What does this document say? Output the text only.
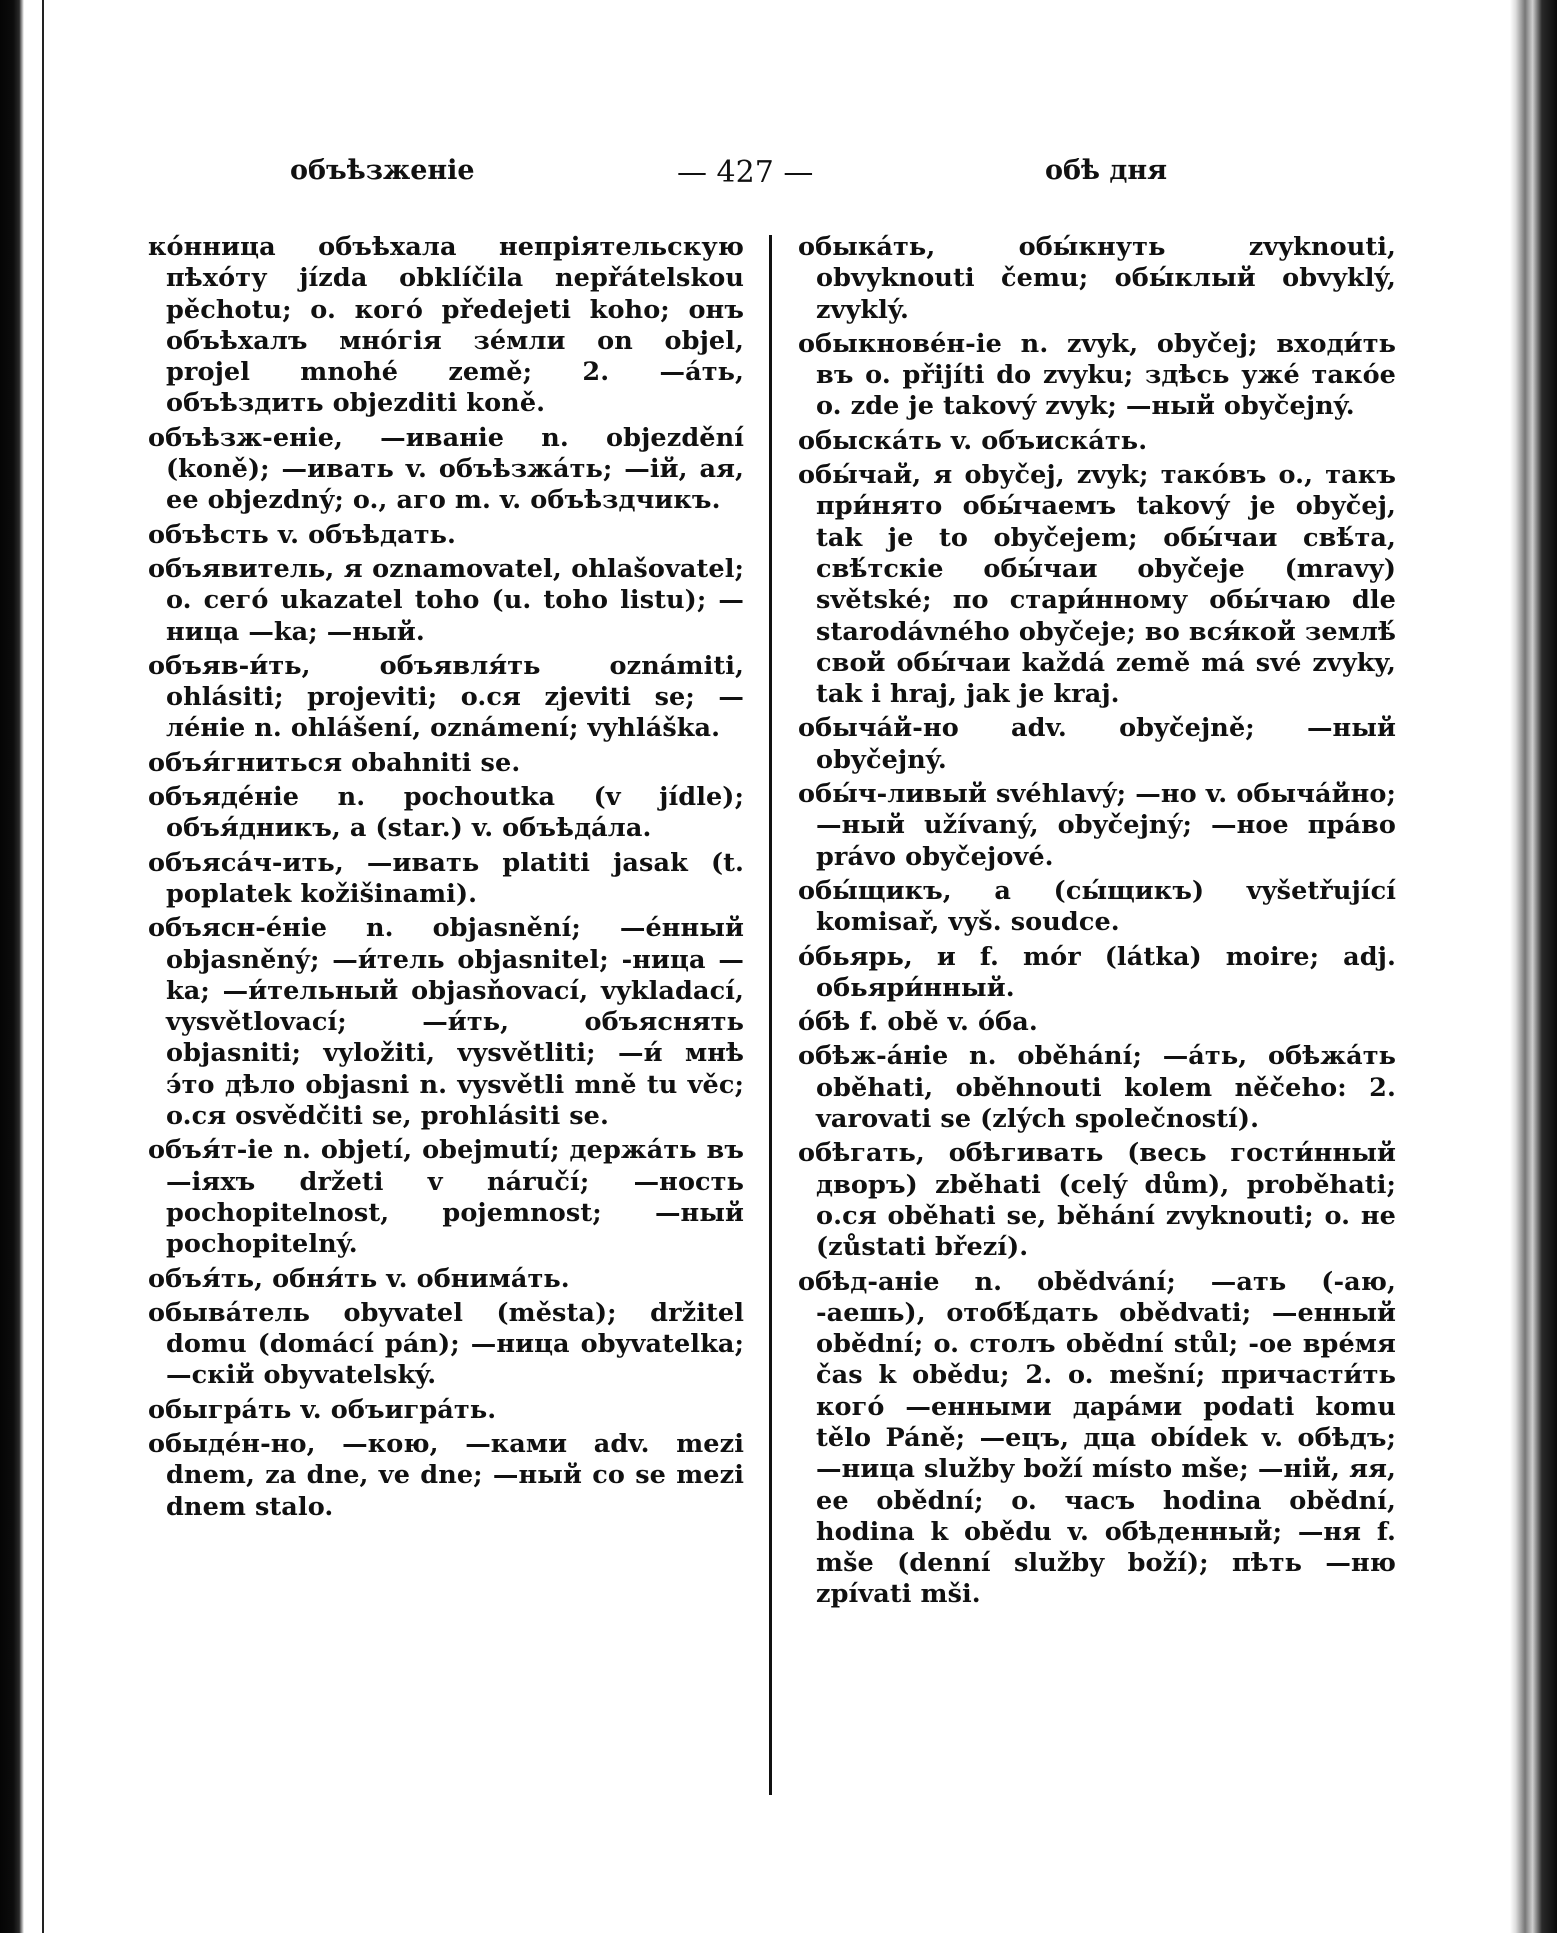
объѣзженіе	— 427 —	обѣ дня

кóнница объѣхала непріятельскую пѣхóту jízda obklíčila nepřátelskou pěchotu; o. когó předejeti koho; онъ объѣхалъ мнóгія зéмли on objel, projel mnohé země; 2. —áть, объѣздить objezditi koně.

объѣзж-еніе, —иваніе n. objezdění (koně); —ивать v. объѣзжáть; —ій, ая, ее objezdný; o., аго m. v. объѣздчикъ.

объѣсть v. объѣдать.

объявитель, я oznamovatel, ohlašovatel; o. сегó ukazatel toho (u. toho listu); —ница —ka; —ный.

объяв-и́ть, объявля́ть oznámiti, ohlásiti; projeviti; o.ся zjeviti se; —лéніе n. ohlášení, oznámení; vyhláška.

объя́гниться obahniti se.

объядéніе n. pochoutka (v jídle); объя́дникъ, а (star.) v. объѣдáла.

объясáч-ить, —ивать platiti jasak (t. poplatek kožišinami).

объясн-éніе n. objasnění; —éнный objasněný; —и́тель objasnitel; -ница —ka; —и́тельный objasňovací, vykladací, vysvětlovací; —и́ть, объяснять objasniti; vyložiti, vysvětliti; —и́ мнѣ э́то дѣло objasni n. vysvětli mně tu věc; o.ся osvědčiti se, prohlásiti se.

объя́т-іе n. objetí, obejmutí; держáть въ —іяхъ držeti v náručí; —ность pochopitelnost, pojemnost; —ный pochopitelný.

объя́ть, обня́ть v. обнимáть.

обывáтель obyvatel (města); držitel domu (domácí pán); —ница obyvatelka; —скій obyvatelský.

обыгрáть v. объигрáть.

обыдéн-но, —кою, —ками adv. mezi dnem, za dne, ve dne; —ный co se mezi dnem stalo.

обыкáть, обы́кнуть zvyknouti, obvyknouti čemu; обы́клый obvyklý, zvyklý.

обыкновéн-іе n. zvyk, obyčej; входи́ть въ o. přijíti do zvyku; здѣсь ужé такóе o. zde je takový zvyk; —ный obyčejný.

обыскáть v. объискáть.

обы́чай, я obyčej, zvyk; такóвъ o., такъ при́нято обы́чаемъ takový je obyčej, tak je to obyčejem; обы́чаи свѣ́та, свѣ́тскіе обы́чаи obyčeje (mravy) světské; по стари́нному обы́чаю dle starodávného obyčeje; во вся́кой землѣ́ свой обы́чаи každá země má své zvyky, tak i hraj, jak je kraj.

обычáй-но adv. obyčejně; —ный obyčejný.

обы́ч-ливый svéhlavý; —но v. обычáйно; —ный užívaný, obyčejný; —ное прáво právo obyčejové.

обы́щикъ, а (сы́щикъ) vyšetřující komisař, vyš. soudce.

óбьярь, и f. mór (látka) moire; adj. обьяри́нный.

óбѣ f. obě v. óба.

обѣж-áніе n. oběhání; —áть, обѣжáть oběhati, oběhnouti kolem něčeho: 2. varovati se (zlých společností).

обѣгать, обѣгивать (весь гости́нный дворъ) zběhati (celý dům), proběhati; о.ся oběhati se, běhání zvyknouti; o. не (zůstati březí).

обѣд-аніе n. obědvání; —ать (-аю, -аешь), отобѣ́дать obědvati; —енный obědní; o. столъ obědní stůl; -ое врéмя čas k obědu; 2. o. mešní; причасти́ть когó —енными дарáми podati komu tělo Páně; —ецъ, дца obídek v. обѣдъ; —ница služby boží místo mše; —ній, яя, ее obědní; o. часъ hodina obědní, hodina k obědu v. обѣденный; —ня f. mše (denní služby boží); пѣть —ню zpívati mši.
